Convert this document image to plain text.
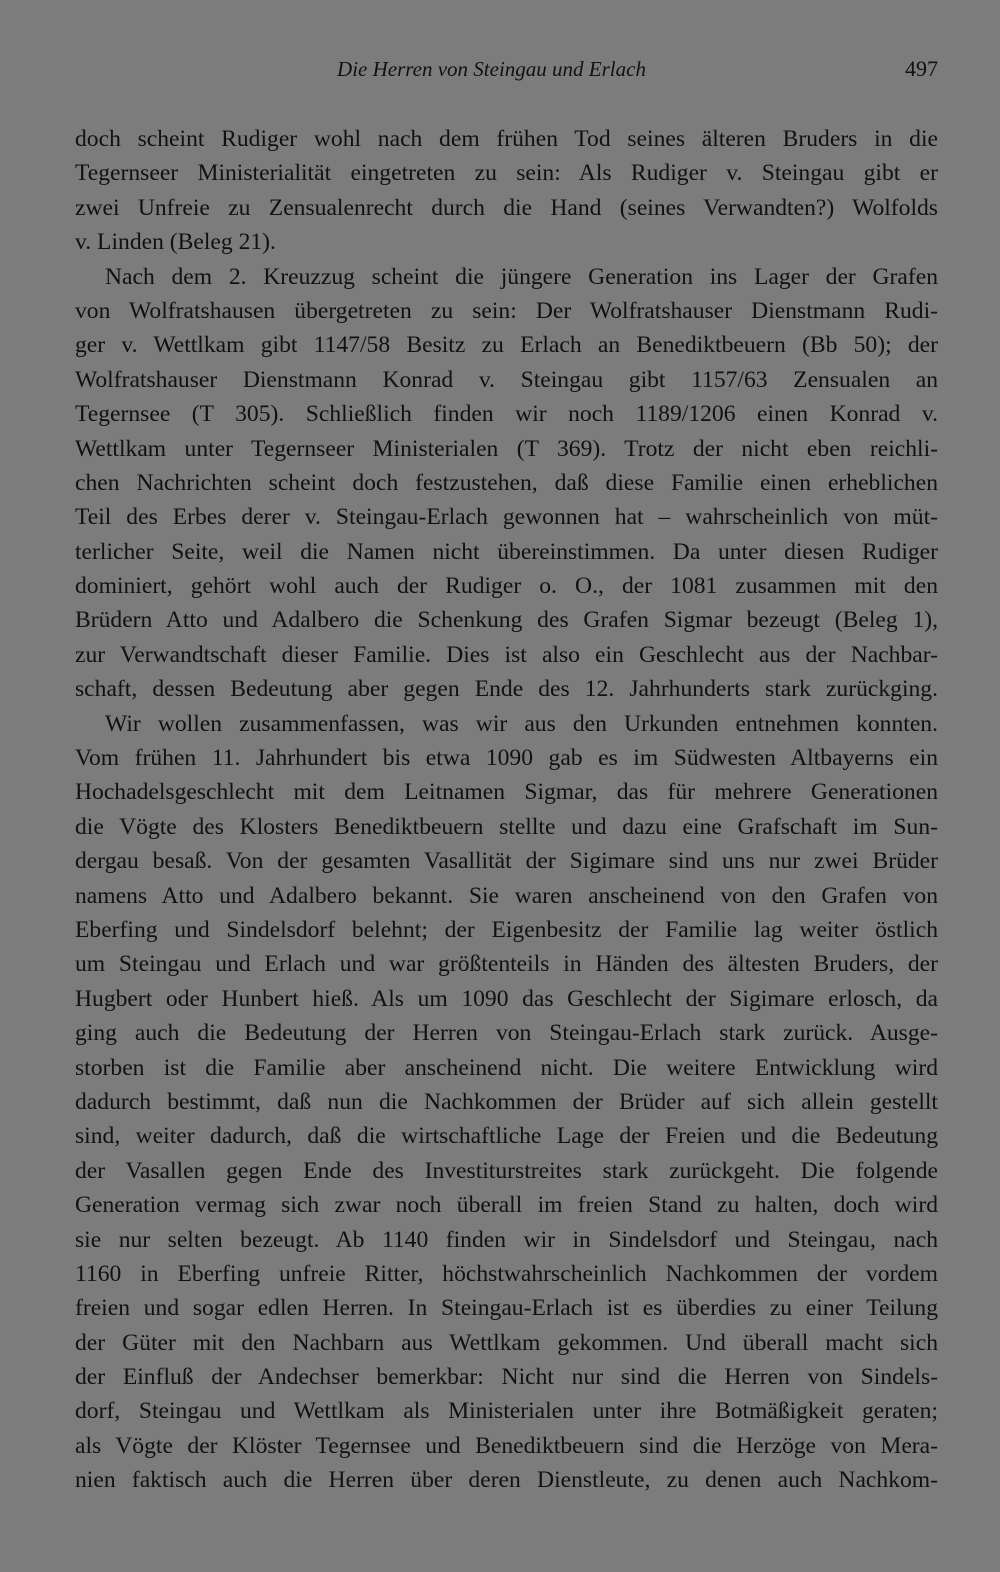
Die Herren von Steingau und Erlach	497
doch scheint Rudiger wohl nach dem frühen Tod seines älteren Bruders in die
Tegernseer Ministerialität eingetreten zu sein: Als Rudiger v. Steingau gibt er
zwei Unfreie zu Zensualenrecht durch die Hand (seines Verwandten?) Wolfolds
v. Linden (Beleg 21).
Nach dem 2. Kreuzzug scheint die jüngere Generation ins Lager der Grafen
von Wolfratshausen übergetreten zu sein: Der Wolfratshauser Dienstmann Rudi-
ger v. Wettlkam gibt 1147/58 Besitz zu Erlach an Benediktbeuern (Bb 50); der
Wolfratshauser Dienstmann Konrad v. Steingau gibt 1157/63 Zensualen an
Tegernsee (T 305). Schließlich finden wir noch 1189/1206 einen Konrad v.
Wettlkam unter Tegernseer Ministerialen (T 369). Trotz der nicht eben reichli-
chen Nachrichten scheint doch festzustehen, daß diese Familie einen erheblichen
Teil des Erbes derer v. Steingau-Erlach gewonnen hat – wahrscheinlich von müt-
terlicher Seite, weil die Namen nicht übereinstimmen. Da unter diesen Rudiger
dominiert, gehört wohl auch der Rudiger o. O., der 1081 zusammen mit den
Brüdern Atto und Adalbero die Schenkung des Grafen Sigmar bezeugt (Beleg 1),
zur Verwandtschaft dieser Familie. Dies ist also ein Geschlecht aus der Nachbar-
schaft, dessen Bedeutung aber gegen Ende des 12. Jahrhunderts stark zurückging.
Wir wollen zusammenfassen, was wir aus den Urkunden entnehmen konnten.
Vom frühen 11. Jahrhundert bis etwa 1090 gab es im Südwesten Altbayerns ein
Hochadelsgeschlecht mit dem Leitnamen Sigmar, das für mehrere Generationen
die Vögte des Klosters Benediktbeuern stellte und dazu eine Grafschaft im Sun-
dergau besaß. Von der gesamten Vasallität der Sigimare sind uns nur zwei Brüder
namens Atto und Adalbero bekannt. Sie waren anscheinend von den Grafen von
Eberfing und Sindelsdorf belehnt; der Eigenbesitz der Familie lag weiter östlich
um Steingau und Erlach und war größtenteils in Händen des ältesten Bruders, der
Hugbert oder Hunbert hieß. Als um 1090 das Geschlecht der Sigimare erlosch, da
ging auch die Bedeutung der Herren von Steingau-Erlach stark zurück. Ausge-
storben ist die Familie aber anscheinend nicht. Die weitere Entwicklung wird
dadurch bestimmt, daß nun die Nachkommen der Brüder auf sich allein gestellt
sind, weiter dadurch, daß die wirtschaftliche Lage der Freien und die Bedeutung
der Vasallen gegen Ende des Investiturstreites stark zurückgeht. Die folgende
Generation vermag sich zwar noch überall im freien Stand zu halten, doch wird
sie nur selten bezeugt. Ab 1140 finden wir in Sindelsdorf und Steingau, nach
1160 in Eberfing unfreie Ritter, höchstwahrscheinlich Nachkommen der vordem
freien und sogar edlen Herren. In Steingau-Erlach ist es überdies zu einer Teilung
der Güter mit den Nachbarn aus Wettlkam gekommen. Und überall macht sich
der Einfluß der Andechser bemerkbar: Nicht nur sind die Herren von Sindels-
dorf, Steingau und Wettlkam als Ministerialen unter ihre Botmäßigkeit geraten;
als Vögte der Klöster Tegernsee und Benediktbeuern sind die Herzöge von Mera-
nien faktisch auch die Herren über deren Dienstleute, zu denen auch Nachkom-
